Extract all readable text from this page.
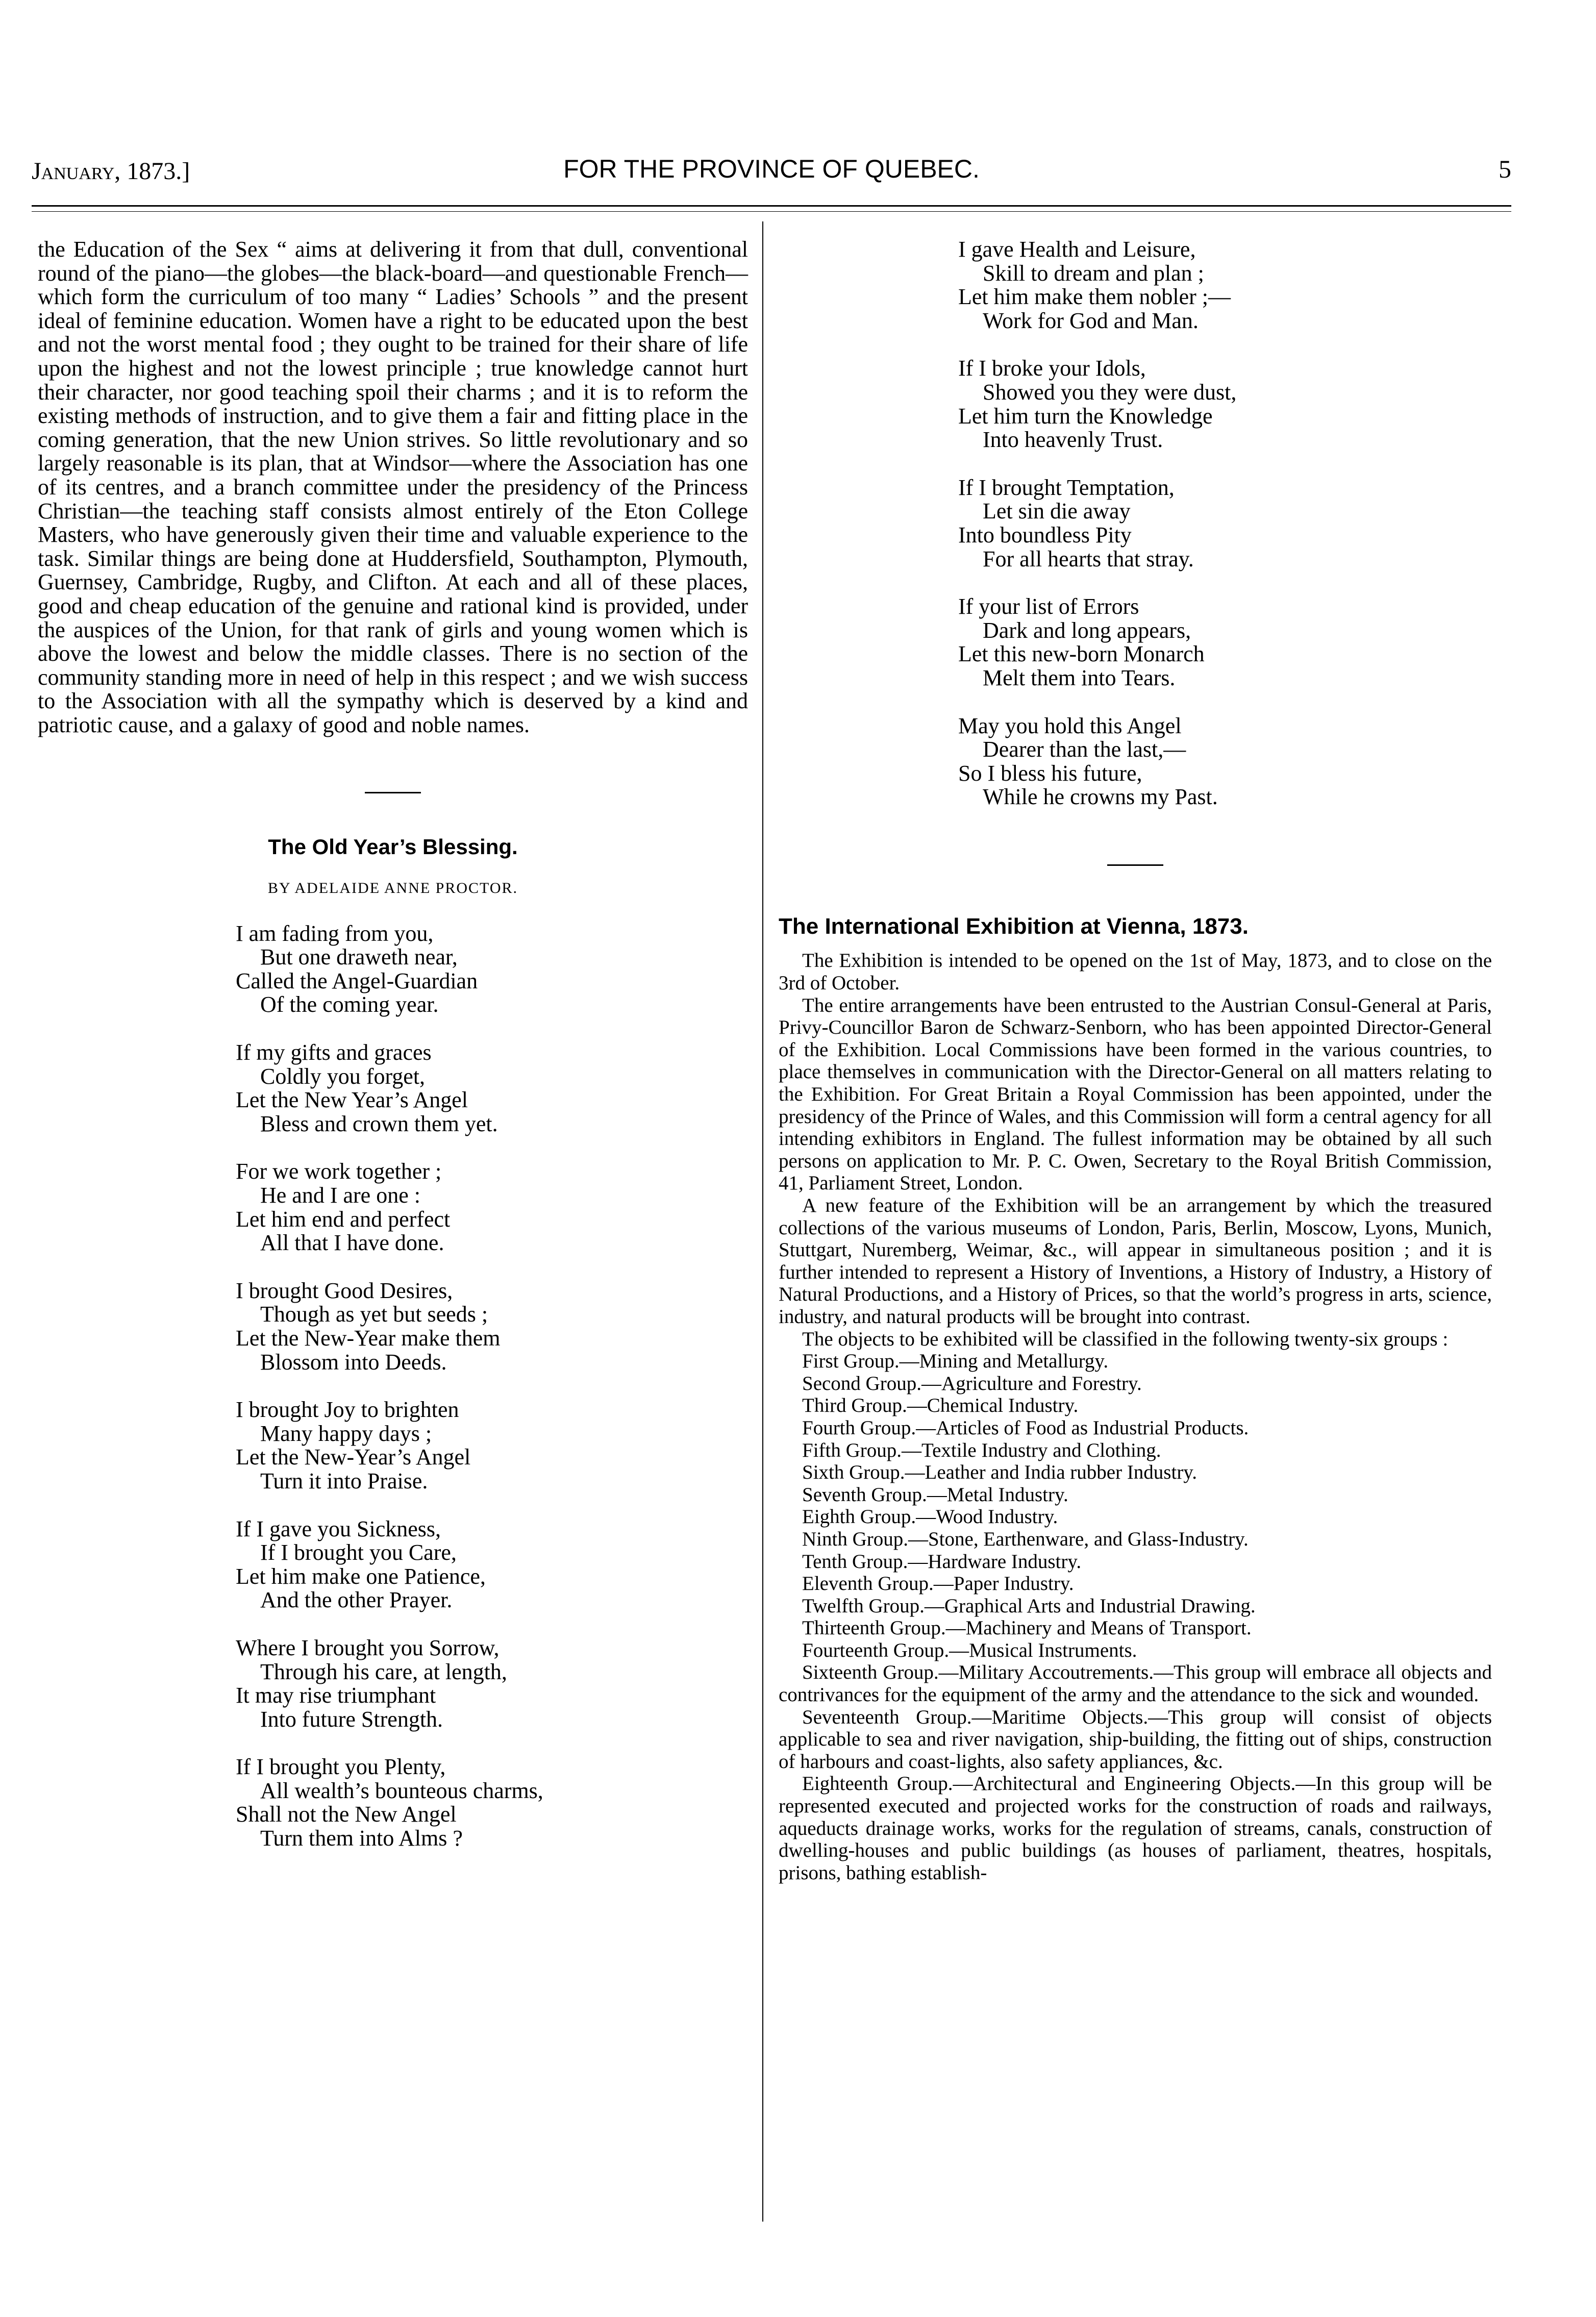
January, 1873.]	FOR THE PROVINCE OF QUEBEC.	5

the Education of the Sex “ aims at delivering it from that dull, conventional round of the piano—the globes—the black-board—and questionable French—which form the curriculum of too many “ Ladies’ Schools ” and the present ideal of feminine education. Women have a right to be educated upon the best and not the worst mental food ; they ought to be trained for their share of life upon the highest and not the lowest principle ; true knowledge cannot hurt their character, nor good teaching spoil their charms ; and it is to reform the existing methods of instruction, and to give them a fair and fitting place in the coming generation, that the new Union strives. So little revolutionary and so largely reasonable is its plan, that at Windsor—where the Association has one of its centres, and a branch committee under the presidency of the Princess Christian—the teaching staff consists almost entirely of the Eton College Masters, who have generously given their time and valuable experience to the task. Similar things are being done at Huddersfield, Southampton, Plymouth, Guernsey, Cambridge, Rugby, and Clifton. At each and all of these places, good and cheap education of the genuine and rational kind is provided, under the auspices of the Union, for that rank of girls and young women which is above the lowest and below the middle classes. There is no section of the community standing more in need of help in this respect ; and we wish success to the Association with all the sympathy which is deserved by a kind and patriotic cause, and a galaxy of good and noble names.

The Old Year’s Blessing.
BY ADELAIDE ANNE PROCTOR.
I am fading from you,
But one draweth near,
Called the Angel-Guardian
Of the coming year.
If my gifts and graces
Coldly you forget,
Let the New Year’s Angel
Bless and crown them yet.
For we work together ;
He and I are one :
Let him end and perfect
All that I have done.
I brought Good Desires,
Though as yet but seeds ;
Let the New-Year make them
Blossom into Deeds.
I brought Joy to brighten
Many happy days ;
Let the New-Year’s Angel
Turn it into Praise.
If I gave you Sickness,
If I brought you Care,
Let him make one Patience,
And the other Prayer.
Where I brought you Sorrow,
Through his care, at length,
It may rise triumphant
Into future Strength.
If I brought you Plenty,
All wealth’s bounteous charms,
Shall not the New Angel
Turn them into Alms ?
I gave Health and Leisure,
Skill to dream and plan ;
Let him make them nobler ;—
Work for God and Man.
If I broke your Idols,
Showed you they were dust,
Let him turn the Knowledge
Into heavenly Trust.
If I brought Temptation,
Let sin die away
Into boundless Pity
For all hearts that stray.
If your list of Errors
Dark and long appears,
Let this new-born Monarch
Melt them into Tears.
May you hold this Angel
Dearer than the last,—
So I bless his future,
While he crowns my Past.
The International Exhibition at Vienna, 1873.

The Exhibition is intended to be opened on the 1st of May, 1873, and to close on the 3rd of October.

The entire arrangements have been entrusted to the Austrian Consul-General at Paris, Privy-Councillor Baron de Schwarz-Senborn, who has been appointed Director-General of the Exhibition. Local Commissions have been formed in the various countries, to place themselves in communication with the Director-General on all matters relating to the Exhibition. For Great Britain a Royal Commission has been appointed, under the presidency of the Prince of Wales, and this Commission will form a central agency for all intending exhibitors in England. The fullest information may be obtained by all such persons on application to Mr. P. C. Owen, Secretary to the Royal British Commission, 41, Parliament Street, London.

A new feature of the Exhibition will be an arrangement by which the treasured collections of the various museums of London, Paris, Berlin, Moscow, Lyons, Munich, Stuttgart, Nuremberg, Weimar, &c., will appear in simultaneous position ; and it is further intended to represent a History of Inventions, a History of Industry, a History of Natural Productions, and a History of Prices, so that the world’s progress in arts, science, industry, and natural products will be brought into contrast.

The objects to be exhibited will be classified in the following twenty-six groups :

First Group.—Mining and Metallurgy.
Second Group.—Agriculture and Forestry.
Third Group.—Chemical Industry.
Fourth Group.—Articles of Food as Industrial Products.
Fifth Group.—Textile Industry and Clothing.
Sixth Group.—Leather and India rubber Industry.
Seventh Group.—Metal Industry.
Eighth Group.—Wood Industry.
Ninth Group.—Stone, Earthenware, and Glass-Industry.
Tenth Group.—Hardware Industry.
Eleventh Group.—Paper Industry.
Twelfth Group.—Graphical Arts and Industrial Drawing.
Thirteenth Group.—Machinery and Means of Transport.
Fourteenth Group.—Musical Instruments.

Sixteenth Group.—Military Accoutrements.—This group will embrace all objects and contrivances for the equipment of the army and the attendance to the sick and wounded.

Seventeenth Group.—Maritime Objects.—This group will consist of objects applicable to sea and river navigation, ship-building, the fitting out of ships, construction of harbours and coast-lights, also safety appliances, &c.

Eighteenth Group.—Architectural and Engineering Objects.—In this group will be represented executed and projected works for the construction of roads and railways, aqueducts drainage works, works for the regulation of streams, canals, construction of dwelling-houses and public buildings (as houses of parliament, theatres, hospitals, prisons, bathing establish-
